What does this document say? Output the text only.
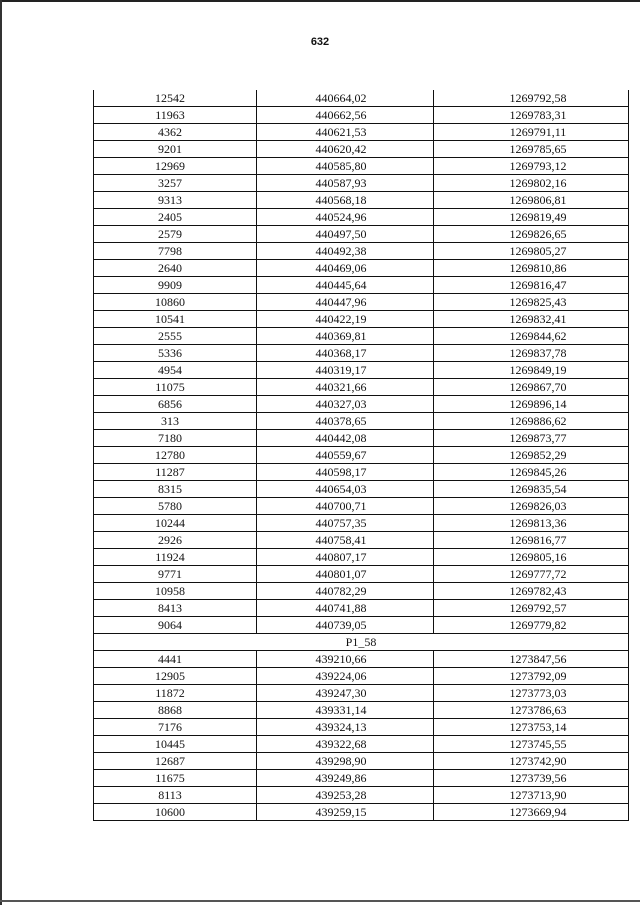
632
12542	440664,02	1269792,58
11963	440662,56	1269783,31
4362	440621,53	1269791,11
9201	440620,42	1269785,65
12969	440585,80	1269793,12
3257	440587,93	1269802,16
9313	440568,18	1269806,81
2405	440524,96	1269819,49
2579	440497,50	1269826,65
7798	440492,38	1269805,27
2640	440469,06	1269810,86
9909	440445,64	1269816,47
10860	440447,96	1269825,43
10541	440422,19	1269832,41
2555	440369,81	1269844,62
5336	440368,17	1269837,78
4954	440319,17	1269849,19
11075	440321,66	1269867,70
6856	440327,03	1269896,14
313	440378,65	1269886,62
7180	440442,08	1269873,77
12780	440559,67	1269852,29
11287	440598,17	1269845,26
8315	440654,03	1269835,54
5780	440700,71	1269826,03
10244	440757,35	1269813,36
2926	440758,41	1269816,77
11924	440807,17	1269805,16
9771	440801,07	1269777,72
10958	440782,29	1269782,43
8413	440741,88	1269792,57
9064	440739,05	1269779,82
P1_58		
4441	439210,66	1273847,56
12905	439224,06	1273792,09
11872	439247,30	1273773,03
8868	439331,14	1273786,63
7176	439324,13	1273753,14
10445	439322,68	1273745,55
12687	439298,90	1273742,90
11675	439249,86	1273739,56
8113	439253,28	1273713,90
10600	439259,15	1273669,94
